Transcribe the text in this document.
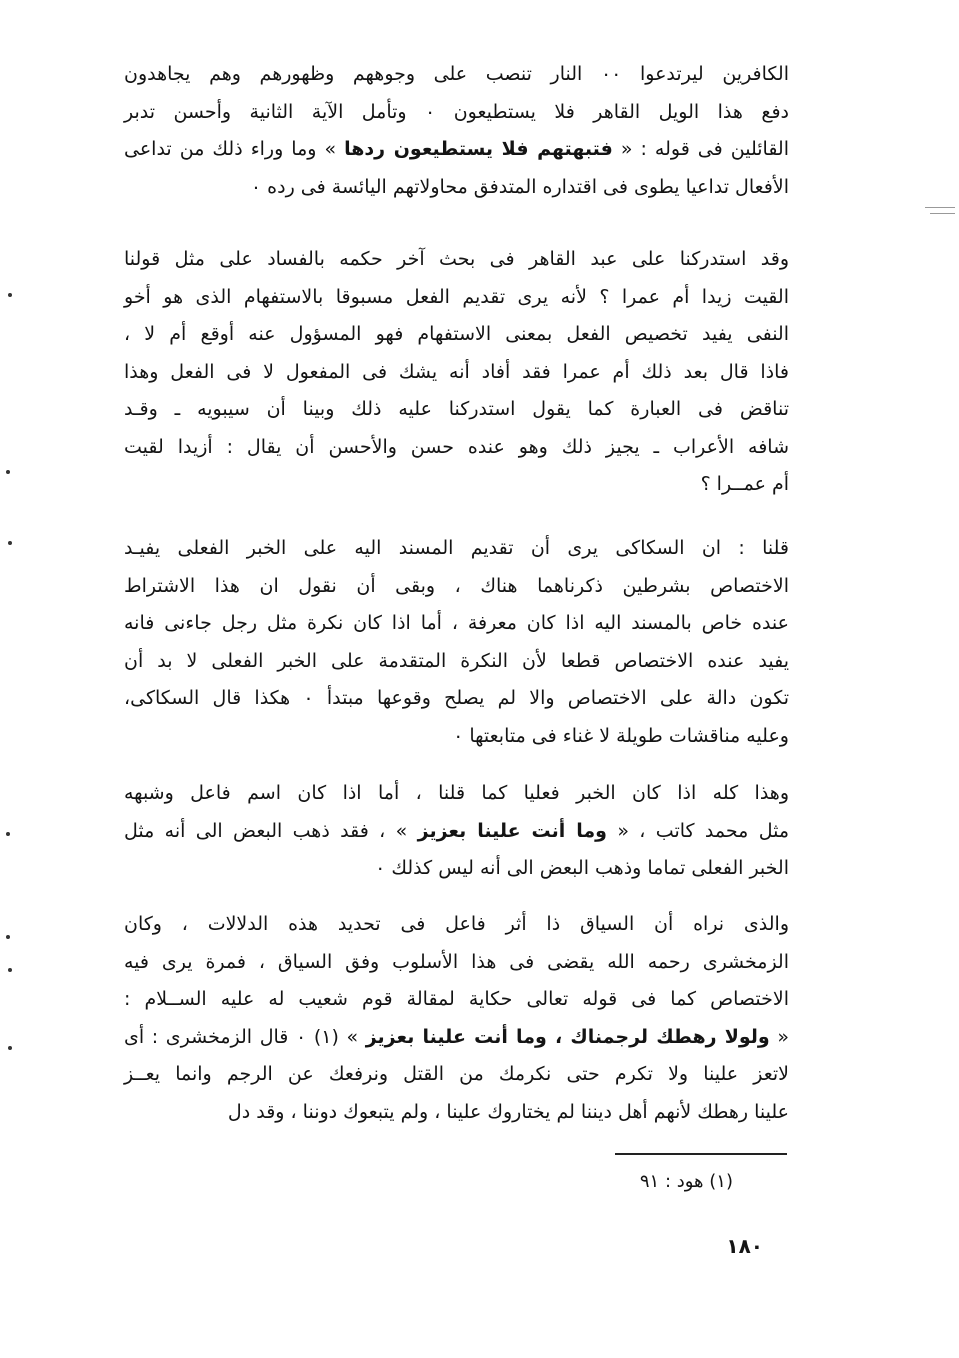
الكافرين ليرتدعوا ٠٠ النار تنصب على وجوههم وظهورهم وهم يجاهدون
دفع هذا الويل القاهر فلا يستطيعون ٠ وتأمل الآية الثانية وأحسن تدبر
القائلين فى قوله : « فتبهتهم فلا يستطيعون ردها » وما وراء ذلك من تداعى
الأفعال تداعيا يطوى فى اقتداره المتدفق محاولاتهم اليائسة فى رده ٠
وقد استدركنا على عبد القاهر فى بحث آخر حكمه بالفساد على مثل قولنا
القيت زيدا أم عمرا ؟ لأنه يرى تقديم الفعل مسبوقا بالاستفهام الذى هو أخو
النفى يفيد تخصيص الفعل بمعنى الاستفهام فهو المسؤول عنه أوقع أم لا ،
فاذا قال بعد ذلك أم عمرا فقد أفاد أنه يشك فى المفعول لا فى الفعل وهذا
تناقض فى العبارة كما يقول استدركنا عليه ذلك وبينا أن سيبويه ـ وقـد
شافه الأعراب ـ يجيز ذلك وهو عنده حسن والأحسن أن يقال : أزيدا لقيت
أم عمــرا ؟
قلنا : ان السكاكى يرى أن تقديم المسند اليه على الخبر الفعلى يفيـد
الاختصاص بشرطين ذكرناهما هناك ، وبقى أن نقول ان هذا الاشتراط
عنده خاص بالمسند اليه اذا كان معرفة ، أما اذا كان نكرة مثل رجل جاءنى فانه
يفيد عنده الاختصاص قطعا لأن النكرة المتقدمة على الخبر الفعلى لا بد أن
تكون دالة على الاختصاص والا لم يصلح وقوعها مبتدأ ٠ هكذا قال السكاكى،
وعليه مناقشات طويلة لا غناء فى متابعتها ٠
وهذا كله اذا كان الخبر فعليا كما قلنا ، أما اذا كان اسم فاعل وشبهه
مثل محمد كاتب ، « وما أنت علينا بعزيز » ، فقد ذهب البعض الى أنه مثل
الخبر الفعلى تماما وذهب البعض الى أنه ليس كذلك ٠
والذى نراه أن السياق ذا أثر فاعل فى تحديد هذه الدلالات ، وكان
الزمخشرى رحمه الله يقضى فى هذا الأسلوب وفق السياق ، فمرة يرى فيه
الاختصاص كما فى قوله تعالى حكاية لمقالة قوم شعيب له عليه الســلام :
« ولولا رهطك لرجمناك ، وما أنت علينا بعزيز » (١) ٠ قال الزمخشرى : أى
لاتعز علينا ولا تكرم حتى نكرمك من القتل ونرفعك عن الرجم وانما يعــز
علينا رهطك لأنهم أهل ديننا لم يختاروك علينا ، ولم يتبعوك دوننا ، وقد دل
(١) هود : ٩١
١٨٠
